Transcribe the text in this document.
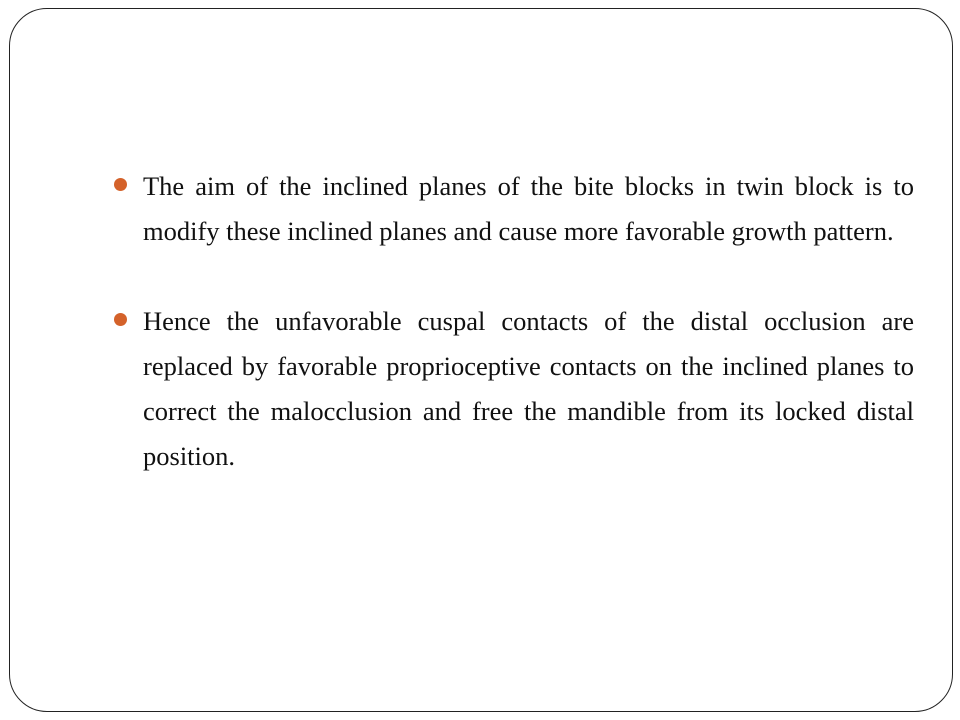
The aim of the inclined planes of the bite blocks in twin block is to modify these inclined planes and cause more favorable growth pattern.
Hence the unfavorable cuspal contacts of the distal occlusion are replaced by favorable proprioceptive contacts on the inclined planes to correct the malocclusion and free the mandible from its locked distal position.
